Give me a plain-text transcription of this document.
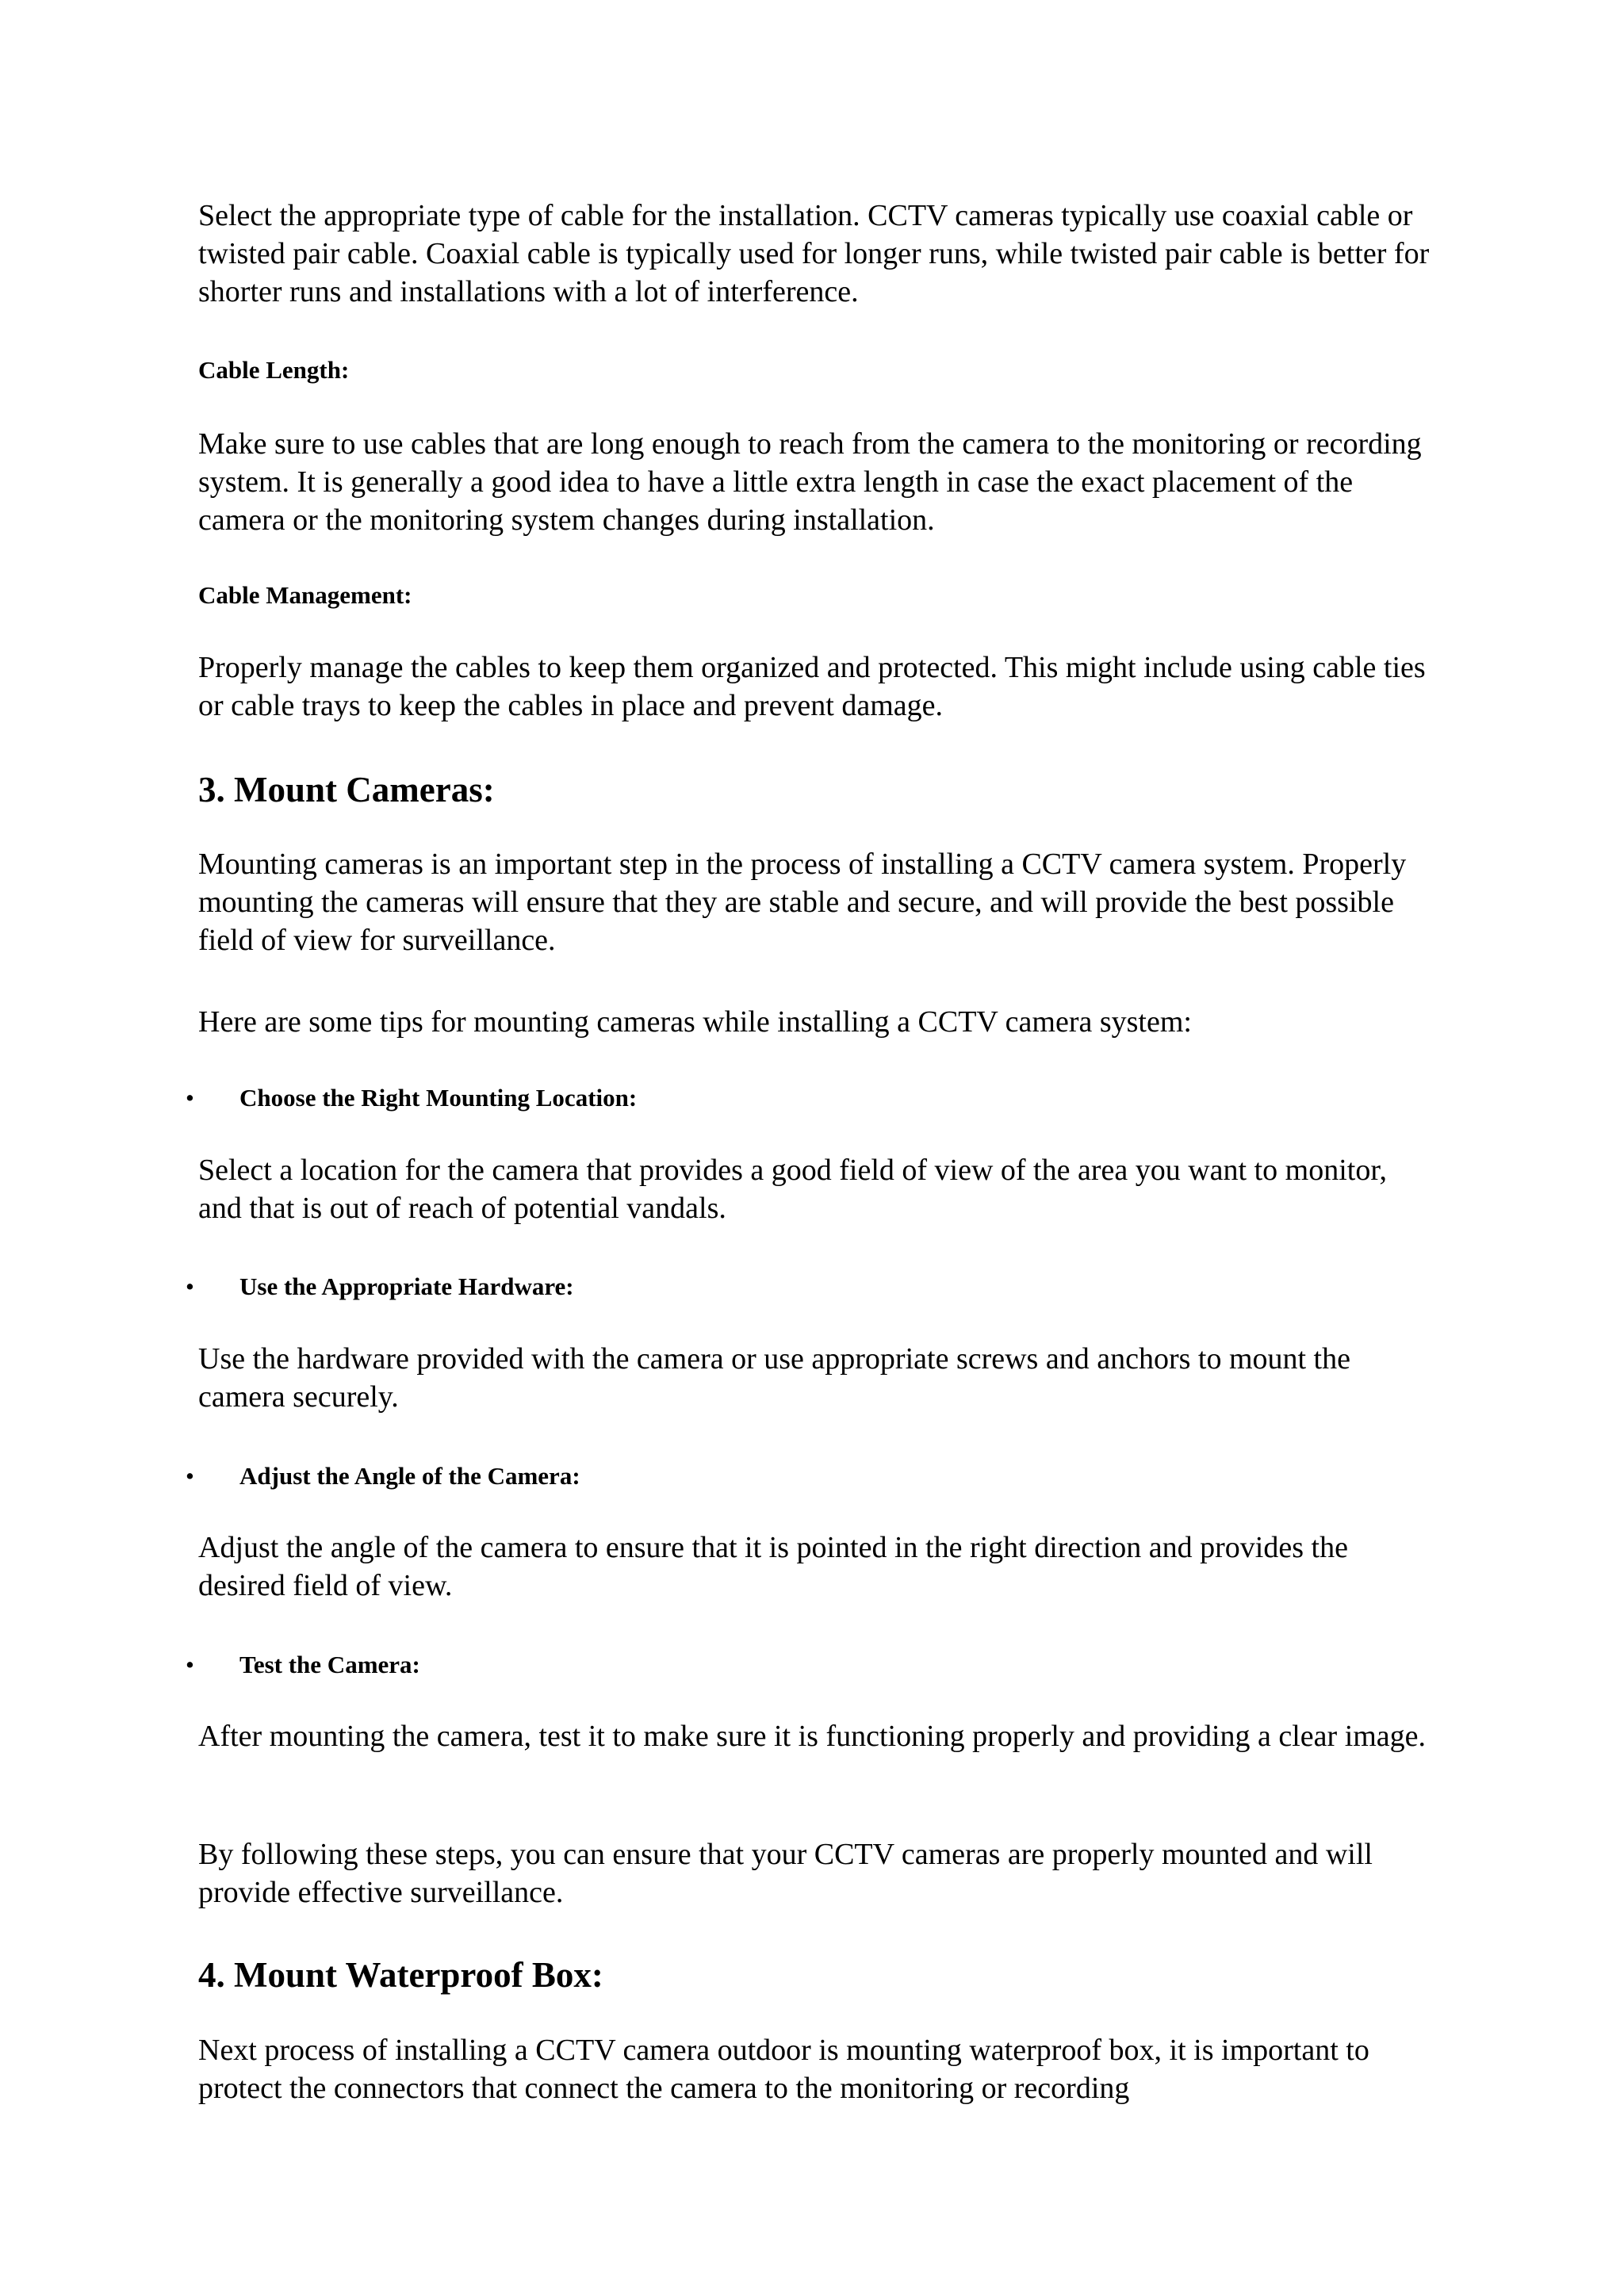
Select the appropriate type of cable for the installation. CCTV cameras typically use coaxial cable or twisted pair cable. Coaxial cable is typically used for longer runs, while twisted pair cable is better for shorter runs and installations with a lot of interference.

Cable Length:

Make sure to use cables that are long enough to reach from the camera to the monitoring or recording system. It is generally a good idea to have a little extra length in case the exact placement of the camera or the monitoring system changes during installation.

Cable Management:

Properly manage the cables to keep them organized and protected. This might include using cable ties or cable trays to keep the cables in place and prevent damage.

3. Mount Cameras:

Mounting cameras is an important step in the process of installing a CCTV camera system. Properly mounting the cameras will ensure that they are stable and secure, and will provide the best possible field of view for surveillance.

Here are some tips for mounting cameras while installing a CCTV camera system:

• Choose the Right Mounting Location:

Select a location for the camera that provides a good field of view of the area you want to monitor, and that is out of reach of potential vandals.

• Use the Appropriate Hardware:

Use the hardware provided with the camera or use appropriate screws and anchors to mount the camera securely.

• Adjust the Angle of the Camera:

Adjust the angle of the camera to ensure that it is pointed in the right direction and provides the desired field of view.

• Test the Camera:

After mounting the camera, test it to make sure it is functioning properly and providing a clear image.

By following these steps, you can ensure that your CCTV cameras are properly mounted and will provide effective surveillance.

4. Mount Waterproof Box:

Next process of installing a CCTV camera outdoor is mounting waterproof box, it is important to protect the connectors that connect the camera to the monitoring or recording
